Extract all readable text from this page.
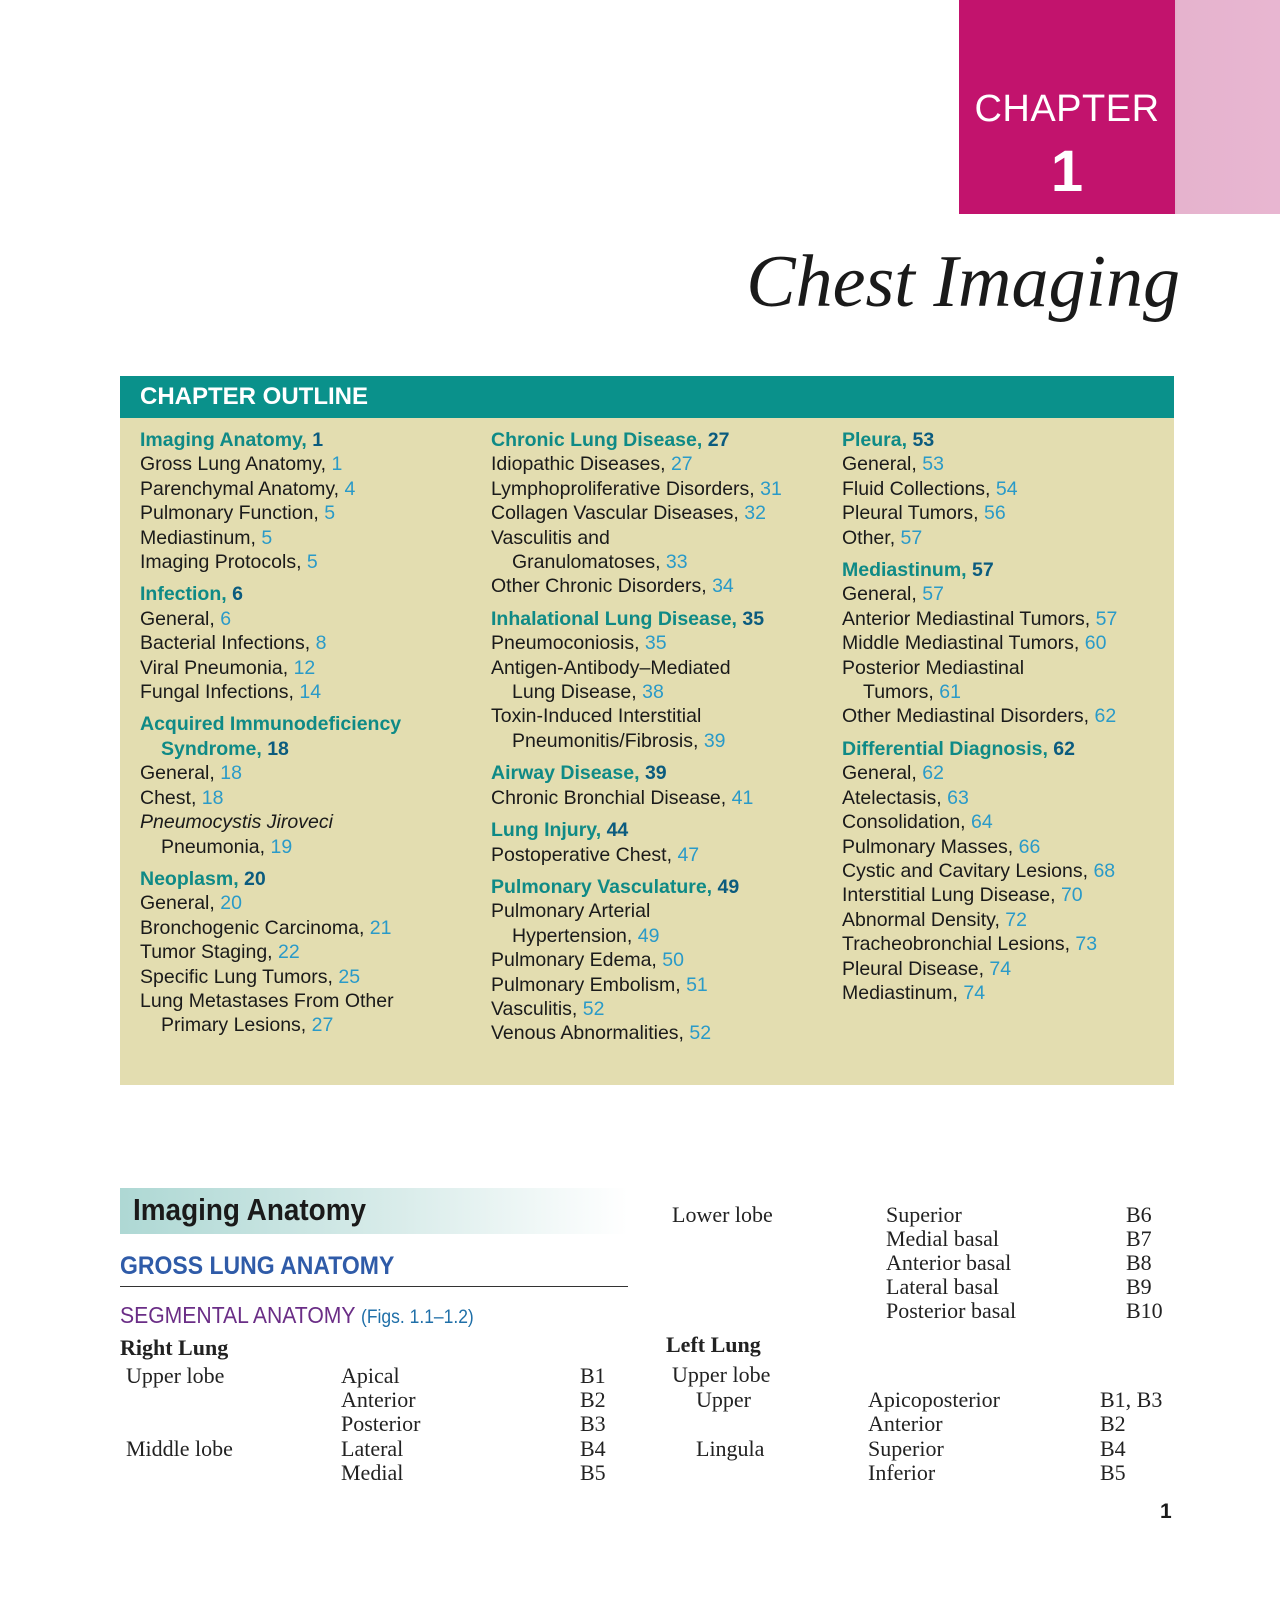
CHAPTER
1
Chest Imaging
CHAPTER OUTLINE
Imaging Anatomy, 1
Gross Lung Anatomy, 1
Parenchymal Anatomy, 4
Pulmonary Function, 5
Mediastinum, 5
Imaging Protocols, 5
Infection, 6
General, 6
Bacterial Infections, 8
Viral Pneumonia, 12
Fungal Infections, 14
Acquired Immunodeficiency
Syndrome, 18
General, 18
Chest, 18
Pneumocystis Jiroveci
Pneumonia, 19
Neoplasm, 20
General, 20
Bronchogenic Carcinoma, 21
Tumor Staging, 22
Specific Lung Tumors, 25
Lung Metastases From Other
Primary Lesions, 27
Chronic Lung Disease, 27
Idiopathic Diseases, 27
Lymphoproliferative Disorders, 31
Collagen Vascular Diseases, 32
Vasculitis and
Granulomatoses, 33
Other Chronic Disorders, 34
Inhalational Lung Disease, 35
Pneumoconiosis, 35
Antigen-Antibody–Mediated
Lung Disease, 38
Toxin-Induced Interstitial
Pneumonitis/Fibrosis, 39
Airway Disease, 39
Chronic Bronchial Disease, 41
Lung Injury, 44
Postoperative Chest, 47
Pulmonary Vasculature, 49
Pulmonary Arterial
Hypertension, 49
Pulmonary Edema, 50
Pulmonary Embolism, 51
Vasculitis, 52
Venous Abnormalities, 52
Pleura, 53
General, 53
Fluid Collections, 54
Pleural Tumors, 56
Other, 57
Mediastinum, 57
General, 57
Anterior Mediastinal Tumors, 57
Middle Mediastinal Tumors, 60
Posterior Mediastinal
Tumors, 61
Other Mediastinal Disorders, 62
Differential Diagnosis, 62
General, 62
Atelectasis, 63
Consolidation, 64
Pulmonary Masses, 66
Cystic and Cavitary Lesions, 68
Interstitial Lung Disease, 70
Abnormal Density, 72
Tracheobronchial Lesions, 73
Pleural Disease, 74
Mediastinum, 74
Imaging Anatomy
GROSS LUNG ANATOMY
SEGMENTAL ANATOMY (Figs. 1.1–1.2)
Right Lung
Upper lobe	Apical	B1
Anterior	B2
Posterior	B3
Middle lobe	Lateral	B4
Medial	B5
Lower lobe	Superior	B6
Medial basal	B7
Anterior basal	B8
Lateral basal	B9
Posterior basal	B10
Left Lung
Upper lobe
Upper	Apicoposterior	B1, B3
Anterior	B2
Lingula	Superior	B4
Inferior	B5
1
